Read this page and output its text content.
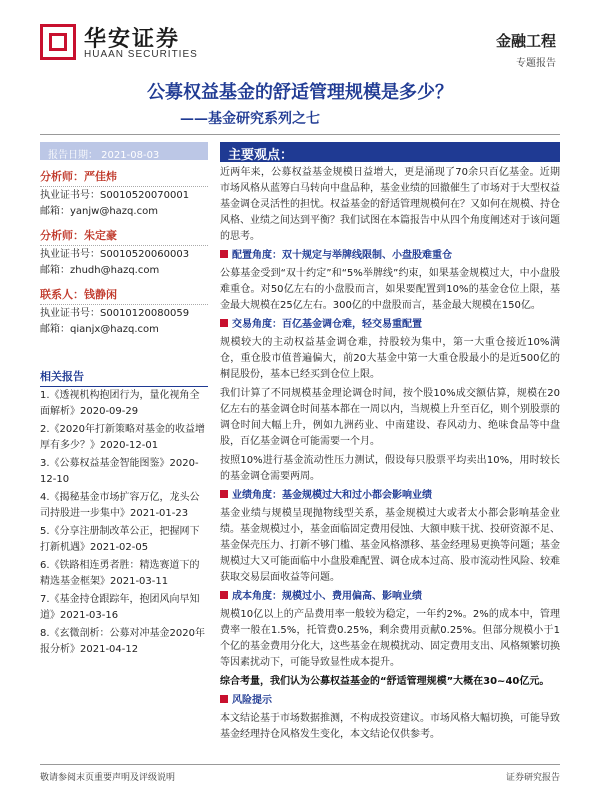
华安证券
HUAAN SECURITIES
金融工程
专题报告
公募权益基金的舒适管理规模是多少？
——基金研究系列之七
报告日期： 2021-08-03
分析师：严佳炜
执业证书号：S0010520070001
邮箱：yanjw@hazq.com
分析师：朱定豪
执业证书号：S0010520060003
邮箱：zhudh@hazq.com
联系人：钱静闲
执业证书号：S0010120080059
邮箱：qianjx@hazq.com
相关报告
1.《透视机构抱团行为，量化视角全面解析》2020-09-29
2.《2020年打新策略对基金的收益增厚有多少？》2020-12-01
3.《公募权益基金智能图鉴》2020-12-10
4.《揭秘基金市场扩容万亿，龙头公司持股进一步集中》2021-01-23
5.《分享注册制改革公正，把握网下打新机遇》2021-02-05
6.《铁路相连勇者胜：精选赛道下的精选基金框架》2021-03-11
7.《基金持仓跟踪年，抱团风向早知道》2021-03-16
8.《玄微剖析：公募对冲基金2020年报分析》2021-04-12
主要观点：

近两年来，公募权益基金规模日益增大，更是涌现了70余只百亿基金。近期市场风格从蓝筹白马转向中盘品种，基金业绩的回撤催生了市场对于大型权益基金调仓灵活性的担忧。权益基金的舒适管理规模何在？又如何在规模、持仓风格、业绩之间达到平衡？我们试图在本篇报告中从四个角度阐述对于该问题的思考。

配置角度：双十规定与举牌线限制、小盘股难重仓

公募基金受到“双十约定”和“5%举牌线”约束，如果基金规模过大，中小盘股难重仓。对50亿左右的小盘股而言，如果要配置到10%的基金仓位上限，基金最大规模在25亿左右。300亿的中盘股而言，基金最大规模在150亿。

交易角度：百亿基金调仓难，轻交易重配置

规模较大的主动权益基金调仓难，持股较为集中，第一大重仓接近10%满仓，重仓股市值普遍偏大，前20大基金中第一大重仓股最小的是近500亿的桐昆股份，基本已经买到仓位上限。

我们计算了不同规模基金理论调仓时间，按个股10%成交额估算，规模在20亿左右的基金调仓时间基本都在一周以内，当规模上升至百亿，则个别股票的调仓时间大幅上升，例如九洲药业、中南建设、春风动力、绝味食品等中盘股，百亿基金调仓可能需要一个月。

按照10%进行基金流动性压力测试，假设每只股票平均卖出10%，用时较长的基金调仓需要两周。

业绩角度：基金规模过大和过小都会影响业绩

基金业绩与规模呈现抛物线型关系，基金规模过大或者太小都会影响基金业绩。基金规模过小，基金面临固定费用侵蚀、大额申赎干扰、投研资源不足、基金保壳压力、打新不够门槛、基金风格漂移、基金经理易更换等问题；基金规模过大又可能面临中小盘股难配置、调仓成本过高、股市流动性风险、较难获取交易层面收益等问题。

成本角度：规模过小、费用偏高、影响业绩

规模10亿以上的产品费用率一般较为稳定，一年约2%。2%的成本中，管理费率一般在1.5%，托管费0.25%，剩余费用贡献0.25%。但部分规模小于1个亿的基金费用分化大，这些基金在规模扰动、固定费用支出、风格频繁切换等因素扰动下，可能导致显性成本提升。

综合考量，我们认为公募权益基金的“舒适管理规模”大概在30~40亿元。

风险提示

本文结论基于市场数据推测，不构成投资建议。市场风格大幅切换，可能导致基金经理持仓风格发生变化，本文结论仅供参考。

敬请参阅末页重要声明及评级说明	证券研究报告
